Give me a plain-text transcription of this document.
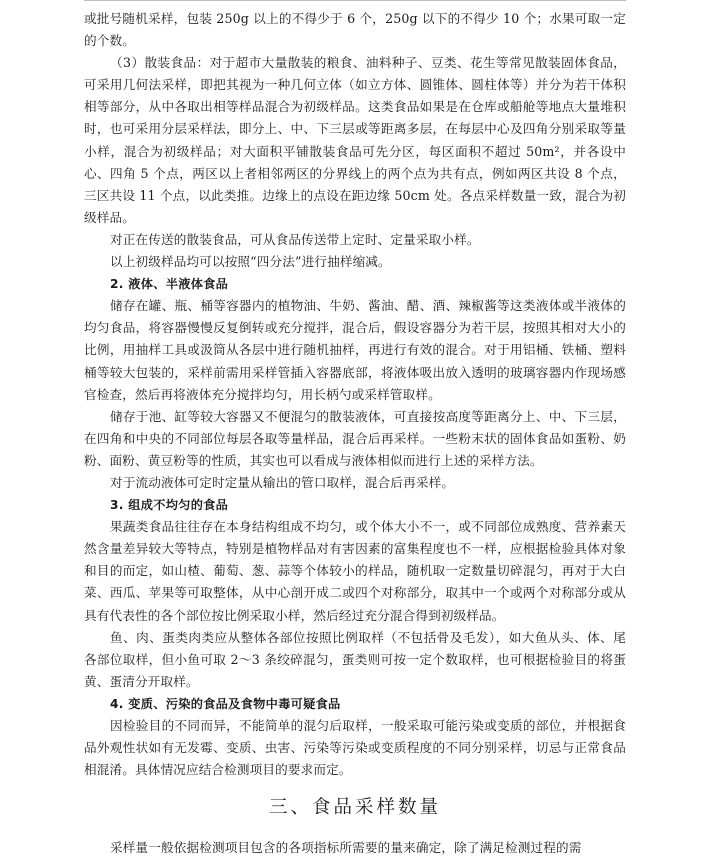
或批号随机采样，包装 250g 以上的不得少于 6 个，250g 以下的不得少 10 个；水果可取一定的个数。

（3）散装食品：对于超市大量散装的粮食、油料种子、豆类、花生等常见散装固体食品，可采用几何法采样，即把其视为一种几何立体（如立方体、圆锥体、圆柱体等）并分为若干体积相等部分，从中各取出相等样品混合为初级样品。这类食品如果是在仓库或船舱等地点大量堆积时，也可采用分层采样法，即分上、中、下三层或等距离多层，在每层中心及四角分别采取等量小样，混合为初级样品；对大面积平铺散装食品可先分区，每区面积不超过 50m²，并各设中心、四角 5 个点，两区以上者相邻两区的分界线上的两个点为共有点，例如两区共设 8 个点，三区共设 11 个点，以此类推。边缘上的点设在距边缘 50cm 处。各点采样数量一致，混合为初级样品。

对正在传送的散装食品，可从食品传送带上定时、定量采取小样。

以上初级样品均可以按照“四分法”进行抽样缩减。

2. 液体、半液体食品

储存在罐、瓶、桶等容器内的植物油、牛奶、酱油、醋、酒、辣椒酱等这类液体或半液体的均匀食品，将容器慢慢反复倒转或充分搅拌，混合后，假设容器分为若干层，按照其相对大小的比例，用抽样工具或汲筒从各层中进行随机抽样，再进行有效的混合。对于用铝桶、铁桶、塑料桶等较大包装的，采样前需用采样管插入容器底部，将液体吸出放入透明的玻璃容器内作现场感官检查，然后再将液体充分搅拌均匀，用长柄勺或采样管取样。

储存于池、缸等较大容器又不便混匀的散装液体，可直接按高度等距离分上、中、下三层，在四角和中央的不同部位每层各取等量样品，混合后再采样。一些粉末状的固体食品如蛋粉、奶粉、面粉、黄豆粉等的性质，其实也可以看成与液体相似而进行上述的采样方法。

对于流动液体可定时定量从输出的管口取样，混合后再采样。

3. 组成不均匀的食品

果蔬类食品往往存在本身结构组成不均匀，或个体大小不一，或不同部位成熟度、营养素天然含量差异较大等特点，特别是植物样品对有害因素的富集程度也不一样，应根据检验具体对象和目的而定，如山楂、葡萄、葱、蒜等个体较小的样品，随机取一定数量切碎混匀，再对于大白菜、西瓜、苹果等可取整体，从中心剖开成二或四个对称部分，取其中一个或两个对称部分或从具有代表性的各个部位按比例采取小样，然后经过充分混合得到初级样品。

鱼、肉、蛋类肉类应从整体各部位按照比例取样（不包括骨及毛发），如大鱼从头、体、尾各部位取样，但小鱼可取 2～3 条绞碎混匀，蛋类则可按一定个数取样，也可根据检验目的将蛋黄、蛋清分开取样。

4. 变质、污染的食品及食物中毒可疑食品

因检验目的不同而异，不能简单的混匀后取样，一般采取可能污染或变质的部位，并根据食品外观性状如有无发霉、变质、虫害、污染等污染或变质程度的不同分别采样，切忌与正常食品相混淆。具体情况应结合检测项目的要求而定。

三、食品采样数量

采样量一般依据检测项目包含的各项指标所需要的量来确定，除了满足检测过程的需
